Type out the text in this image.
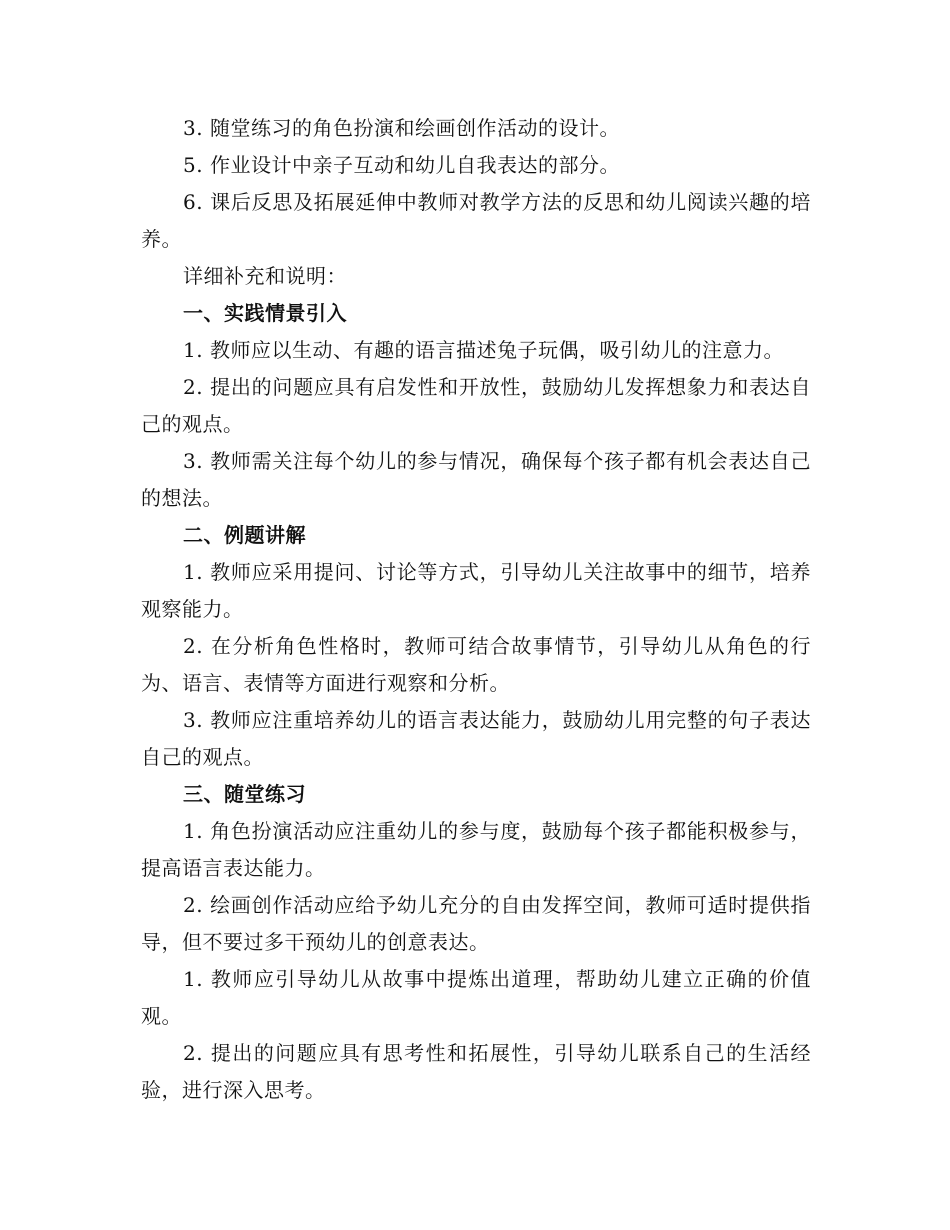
3. 随堂练习的角色扮演和绘画创作活动的设计。

5. 作业设计中亲子互动和幼儿自我表达的部分。

6. 课后反思及拓展延伸中教师对教学方法的反思和幼儿阅读兴趣的培养。

详细补充和说明：

一、实践情景引入

1. 教师应以生动、有趣的语言描述兔子玩偶，吸引幼儿的注意力。

2. 提出的问题应具有启发性和开放性，鼓励幼儿发挥想象力和表达自己的观点。

3. 教师需关注每个幼儿的参与情况，确保每个孩子都有机会表达自己的想法。

二、例题讲解

1. 教师应采用提问、讨论等方式，引导幼儿关注故事中的细节，培养观察能力。

2. 在分析角色性格时，教师可结合故事情节，引导幼儿从角色的行为、语言、表情等方面进行观察和分析。

3. 教师应注重培养幼儿的语言表达能力，鼓励幼儿用完整的句子表达自己的观点。

三、随堂练习

1. 角色扮演活动应注重幼儿的参与度，鼓励每个孩子都能积极参与，提高语言表达能力。

2. 绘画创作活动应给予幼儿充分的自由发挥空间，教师可适时提供指导，但不要过多干预幼儿的创意表达。

1. 教师应引导幼儿从故事中提炼出道理，帮助幼儿建立正确的价值观。

2. 提出的问题应具有思考性和拓展性，引导幼儿联系自己的生活经验，进行深入思考。
